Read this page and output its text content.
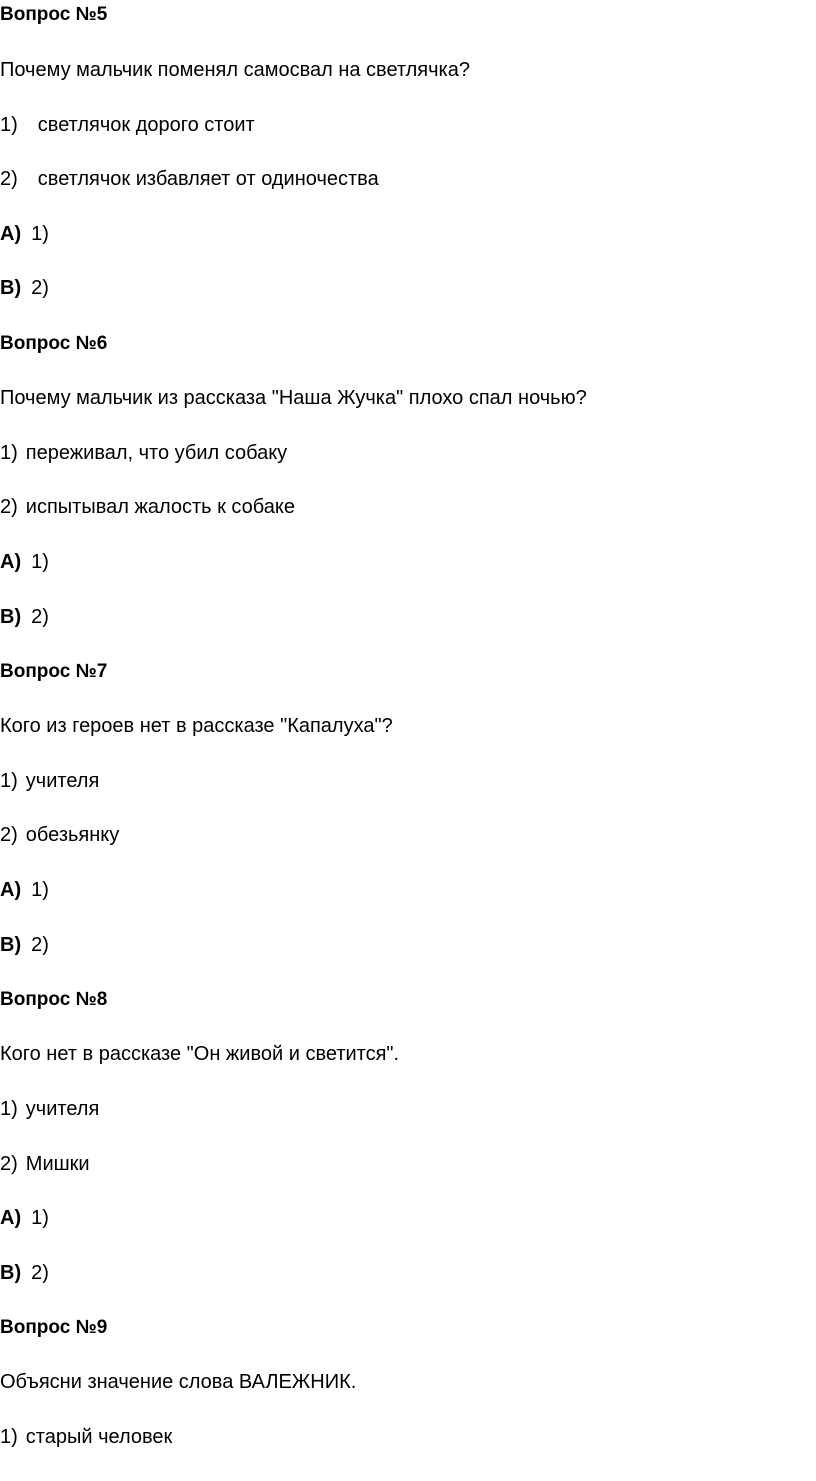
Вопрос №5
Почему мальчик поменял самосвал на светлячка?
1) светлячок дорого стоит
2) светлячок избавляет от одиночества
А) 1)
В) 2)
Вопрос №6
Почему мальчик из рассказа "Наша Жучка" плохо спал ночью?
1) переживал, что убил собаку
2) испытывал жалость к собаке
А) 1)
В) 2)
Вопрос №7
Кого из героев нет в рассказе "Капалуха"?
1) учителя
2) обезьянку
А) 1)
В) 2)
Вопрос №8
Кого нет в рассказе "Он живой и светится".
1) учителя
2) Мишки
А) 1)
В) 2)
Вопрос №9
Объясни значение слова ВАЛЕЖНИК.
1) старый человек
